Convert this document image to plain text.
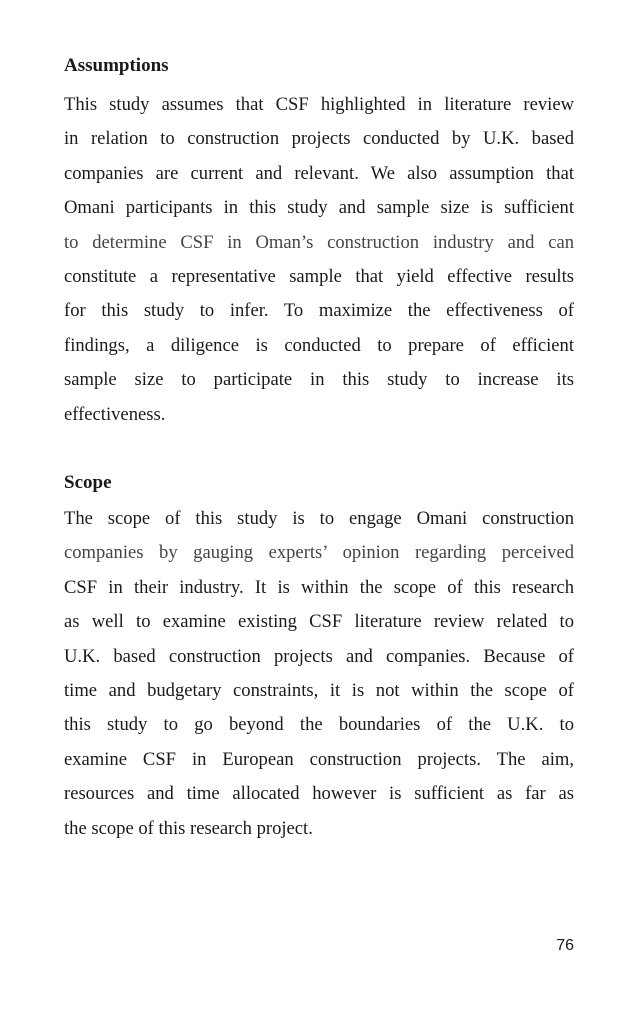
Assumptions
This study assumes that CSF highlighted in literature review
in relation to construction projects conducted by U.K. based
companies are current and relevant. We also assumption that
Omani participants in this study and sample size is sufficient
to determine CSF in Oman’s construction industry and can
constitute a representative sample that yield effective results
for this study to infer. To maximize the effectiveness of
findings, a diligence is conducted to prepare of efficient
sample size to participate in this study to increase its
effectiveness.
Scope
The scope of this study is to engage Omani construction
companies by gauging experts’ opinion regarding perceived
CSF in their industry. It is within the scope of this research
as well to examine existing CSF literature review related to
U.K. based construction projects and companies. Because of
time and budgetary constraints, it is not within the scope of
this study to go beyond the boundaries of the U.K. to
examine CSF in European construction projects. The aim,
resources and time allocated however is sufficient as far as
the scope of this research project.
76
